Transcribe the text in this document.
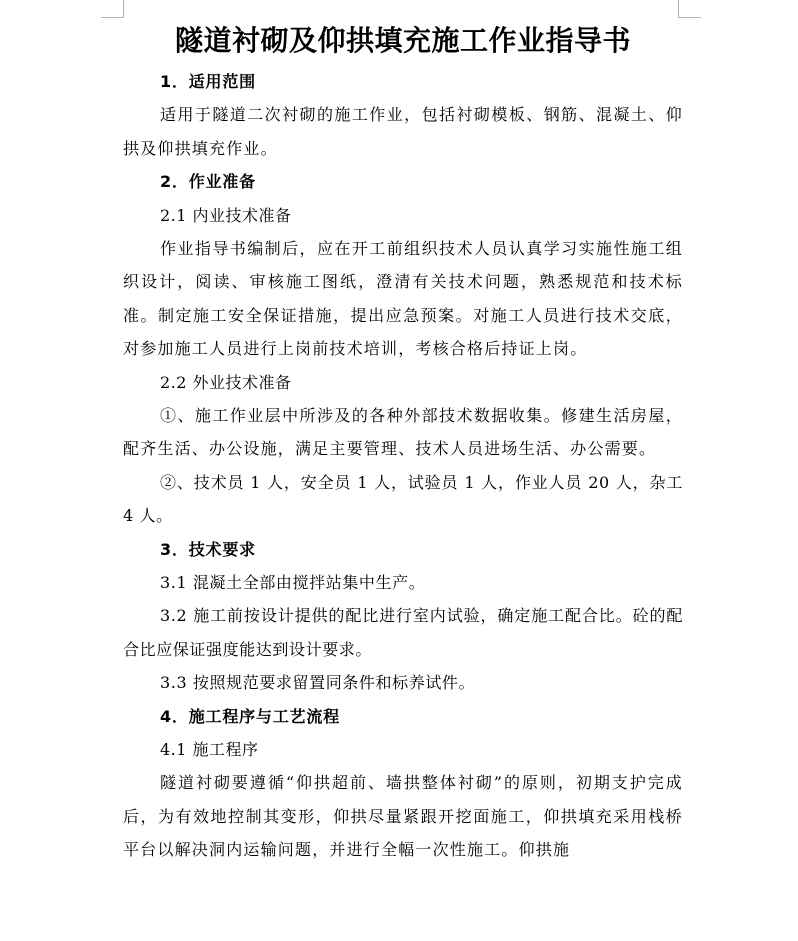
隧道衬砌及仰拱填充施工作业指导书
1．适用范围

适用于隧道二次衬砌的施工作业，包括衬砌模板、钢筋、混凝土、仰拱及仰拱填充作业。

2．作业准备
2.1 内业技术准备

作业指导书编制后，应在开工前组织技术人员认真学习实施性施工组织设计，阅读、审核施工图纸，澄清有关技术问题，熟悉规范和技术标准。制定施工安全保证措施，提出应急预案。对施工人员进行技术交底，对参加施工人员进行上岗前技术培训，考核合格后持证上岗。

2.2 外业技术准备

①、施工作业层中所涉及的各种外部技术数据收集。修建生活房屋，配齐生活、办公设施，满足主要管理、技术人员进场生活、办公需要。

②、技术员 1 人，安全员 1 人，试验员 1 人，作业人员 20 人，杂工 4 人。

3．技术要求

3.1 混凝土全部由搅拌站集中生产。

3.2 施工前按设计提供的配比进行室内试验，确定施工配合比。砼的配合比应保证强度能达到设计要求。

3.3 按照规范要求留置同条件和标养试件。

4．施工程序与工艺流程
4.1 施工程序

隧道衬砌要遵循“仰拱超前、墙拱整体衬砌”的原则，初期支护完成后，为有效地控制其变形，仰拱尽量紧跟开挖面施工，仰拱填充采用栈桥平台以解决洞内运输问题，并进行全幅一次性施工。仰拱施
